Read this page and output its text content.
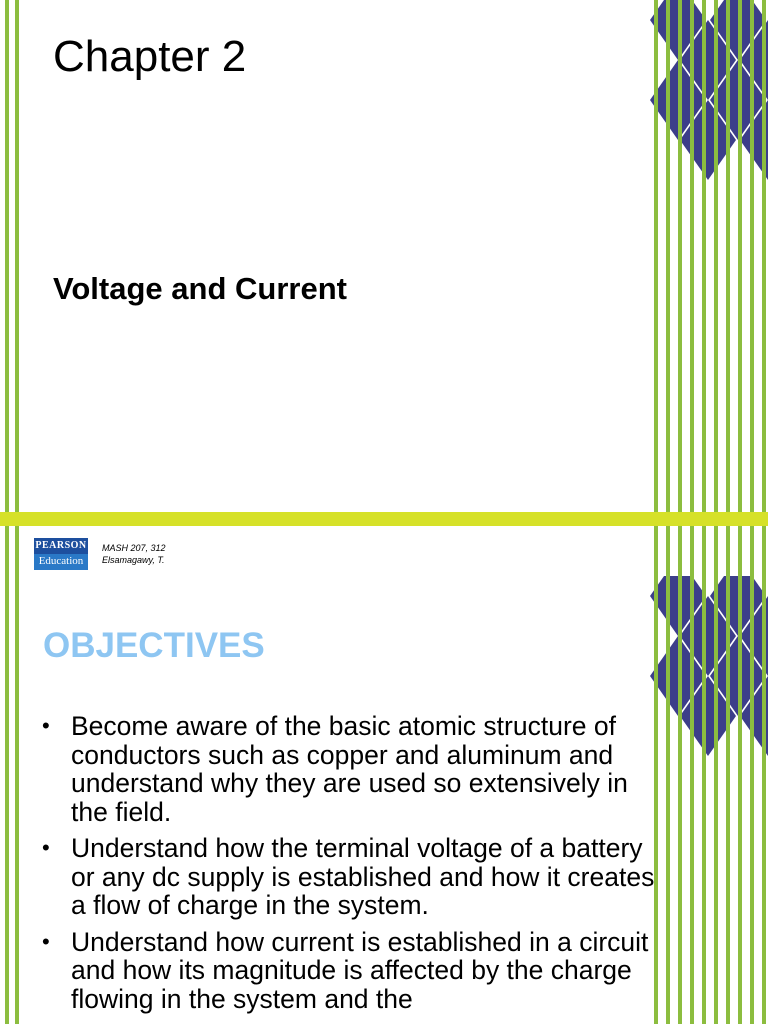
Chapter 2
Voltage and Current
PEARSON
Education
MASH 207, 312
Elsamagawy, T.
OBJECTIVES
• Become aware of the basic atomic structure of conductors such as copper and aluminum and understand why they are used so extensively in the field.
• Understand how the terminal voltage of a battery or any dc supply is established and how it creates a flow of charge in the system.
• Understand how current is established in a circuit and how its magnitude is affected by the charge flowing in the system and the
